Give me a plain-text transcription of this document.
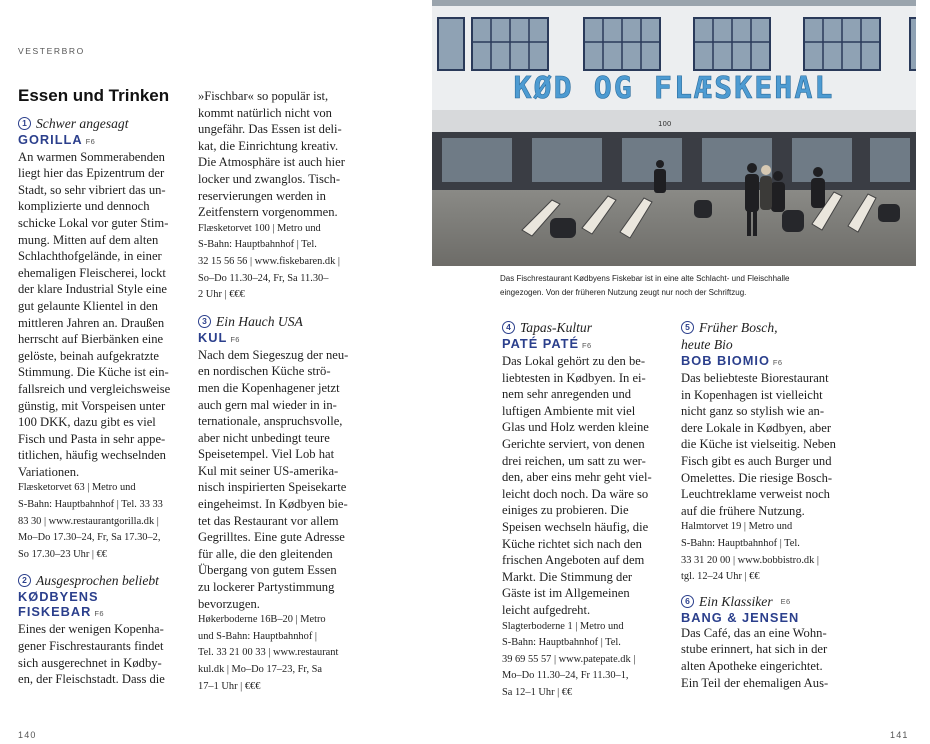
VESTERBRO
Essen und Trinken
1 Schwer angesagt
GORILLA F6
An warmen Sommerabenden
liegt hier das Epizentrum der
Stadt, so sehr vibriert das un-
komplizierte und dennoch
schicke Lokal vor guter Stim-
mung. Mitten auf dem alten
Schlachthofgelände, in einer
ehemaligen Fleischerei, lockt
der klare Industrial Style eine
gut gelaunte Klientel in den
mittleren Jahren an. Draußen
herrscht auf Bierbänken eine
gelöste, beinah aufgekratzte
Stimmung. Die Küche ist ein-
fallsreich und vergleichsweise
günstig, mit Vorspeisen unter
100 DKK, dazu gibt es viel
Fisch und Pasta in sehr appe-
titlichen, häufig wechselnden
Variationen.
Flæsketorvet 63 | Metro und
S-Bahn: Hauptbahnhof | Tel. 33 33
83 30 | www.restaurantgorilla.dk |
Mo–Do 17.30–24, Fr, Sa 17.30–2,
So 17.30–23 Uhr | €€
2 Ausgesprochen beliebt
KØDBYENS
FISKEBAR F6
Eines der wenigen Kopenha-
gener Fischrestaurants findet
sich ausgerechnet in Kødby-
en, der Fleischstadt. Dass die
»Fischbar« so populär ist,
kommt natürlich nicht von
ungefähr. Das Essen ist deli-
kat, die Einrichtung kreativ.
Die Atmosphäre ist auch hier
locker und zwanglos. Tisch-
reservierungen werden in
Zeitfenstern vorgenommen.
Flæsketorvet 100 | Metro und
S-Bahn: Hauptbahnhof | Tel.
32 15 56 56 | www.fiskebaren.dk |
So–Do 11.30–24, Fr, Sa 11.30–
2 Uhr | €€€
3 Ein Hauch USA
KUL F6
Nach dem Siegeszug der neu-
en nordischen Küche strö-
men die Kopenhagener jetzt
auch gern mal wieder in in-
ternationale, anspruchsvolle,
aber nicht unbedingt teure
Speisetempel. Viel Lob hat
Kul mit seiner US-amerika-
nisch inspirierten Speisekarte
eingeheimst. In Kødbyen bie-
tet das Restaurant vor allem
Gegrilltes. Eine gute Adresse
für alle, die den gleitenden
Übergang von gutem Essen
zu lockerer Partystimmung
bevorzugen.
Høkerboderne 16B–20 | Metro
und S-Bahn: Hauptbahnhof |
Tel. 33 21 00 33 | www.restaurant
kul.dk | Mo–Do 17–23, Fr, Sa
17–1 Uhr | €€€
140
KØD OG FLÆSKEHAL
100
Das Fischrestaurant Kødbyens Fiskebar ist in eine alte Schlacht- und Fleischhalle
eingezogen. Von der früheren Nutzung zeugt nur noch der Schriftzug.
4 Tapas-Kultur
PATÉ PATÉ F6
Das Lokal gehört zu den be-
liebtesten in Kødbyen. In ei-
nem sehr anregenden und
luftigen Ambiente mit viel
Glas und Holz werden kleine
Gerichte serviert, von denen
drei reichen, um satt zu wer-
den, aber eins mehr geht viel-
leicht doch noch. Da wäre so
einiges zu probieren. Die
Speisen wechseln häufig, die
Küche richtet sich nach den
frischen Angeboten auf dem
Markt. Die Stimmung der
Gäste ist im Allgemeinen
leicht aufgedreht.
Slagterboderne 1 | Metro und
S-Bahn: Hauptbahnhof | Tel.
39 69 55 57 | www.patepate.dk |
Mo–Do 11.30–24, Fr 11.30–1,
Sa 12–1 Uhr | €€
5 Früher Bosch,
heute Bio
BOB BIOMIO F6
Das beliebteste Biorestaurant
in Kopenhagen ist vielleicht
nicht ganz so stylish wie an-
dere Lokale in Kødbyen, aber
die Küche ist vielseitig. Neben
Fisch gibt es auch Burger und
Omelettes. Die riesige Bosch-
Leuchtreklame verweist noch
auf die frühere Nutzung.
Halmtorvet 19 | Metro und
S-Bahn: Hauptbahnhof | Tel.
33 31 20 00 | www.bobbistro.dk |
tgl. 12–24 Uhr | €€
6 Ein Klassiker E6
BANG & JENSEN
Das Café, das an eine Wohn-
stube erinnert, hat sich in der
alten Apotheke eingerichtet.
Ein Teil der ehemaligen Aus-
141
